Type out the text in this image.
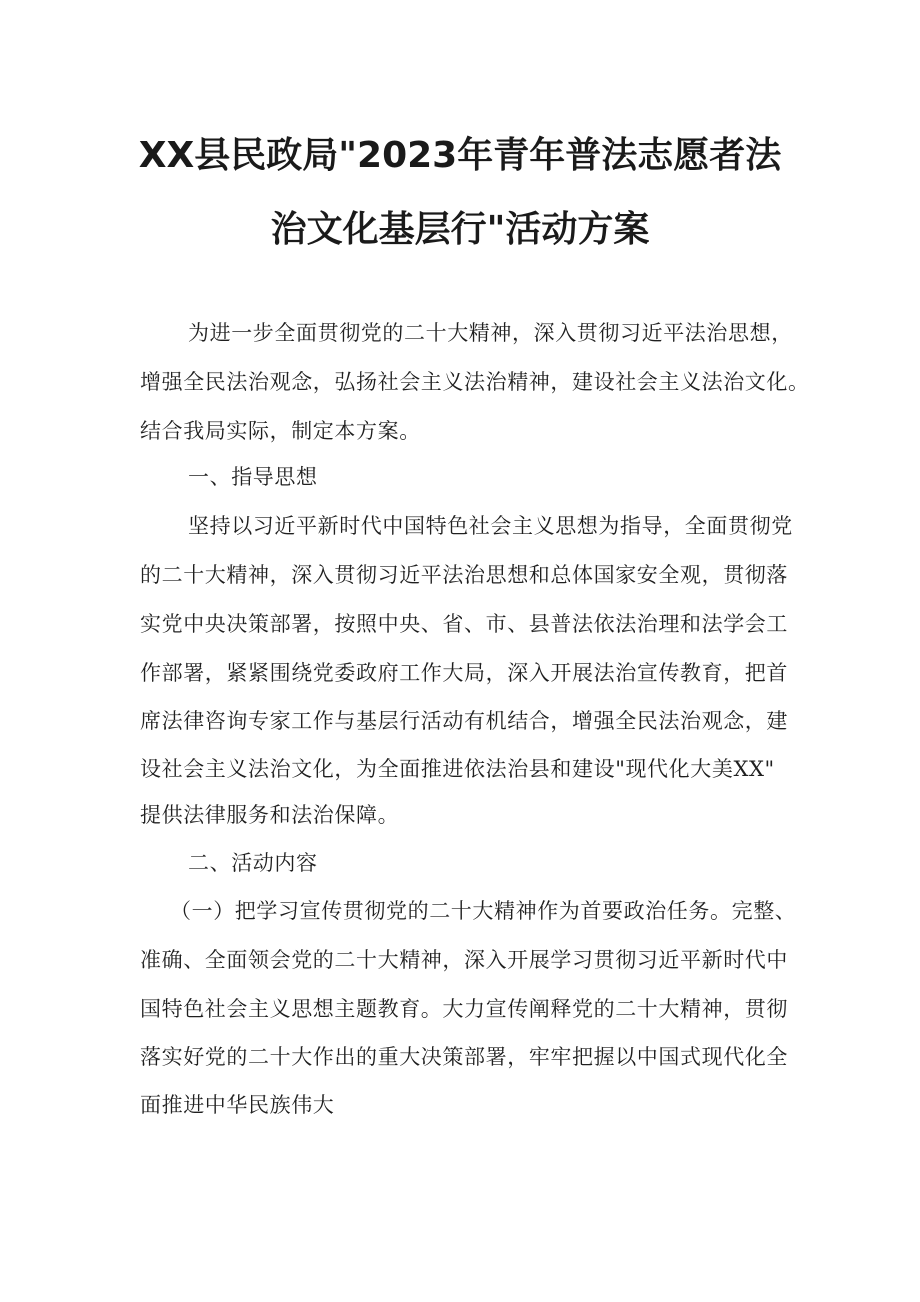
XX县民政局"2023年青年普法志愿者法
治文化基层行"活动方案
为进一步全面贯彻党的二十大精神，深入贯彻习近平法治思想，
增强全民法治观念，弘扬社会主义法治精神，建设社会主义法治文化。
结合我局实际，制定本方案。
一、指导思想
坚持以习近平新时代中国特色社会主义思想为指导，全面贯彻党
的二十大精神，深入贯彻习近平法治思想和总体国家安全观，贯彻落
实党中央决策部署，按照中央、省、市、县普法依法治理和法学会工
作部署，紧紧围绕党委政府工作大局，深入开展法治宣传教育，把首
席法律咨询专家工作与基层行活动有机结合，增强全民法治观念，建
设社会主义法治文化，为全面推进依法治县和建设"现代化大美XX"
提供法律服务和法治保障。
二、活动内容
（一）把学习宣传贯彻党的二十大精神作为首要政治任务。完整、
准确、全面领会党的二十大精神，深入开展学习贯彻习近平新时代中
国特色社会主义思想主题教育。大力宣传阐释党的二十大精神，贯彻
落实好党的二十大作出的重大决策部署，牢牢把握以中国式现代化全
面推进中华民族伟大
